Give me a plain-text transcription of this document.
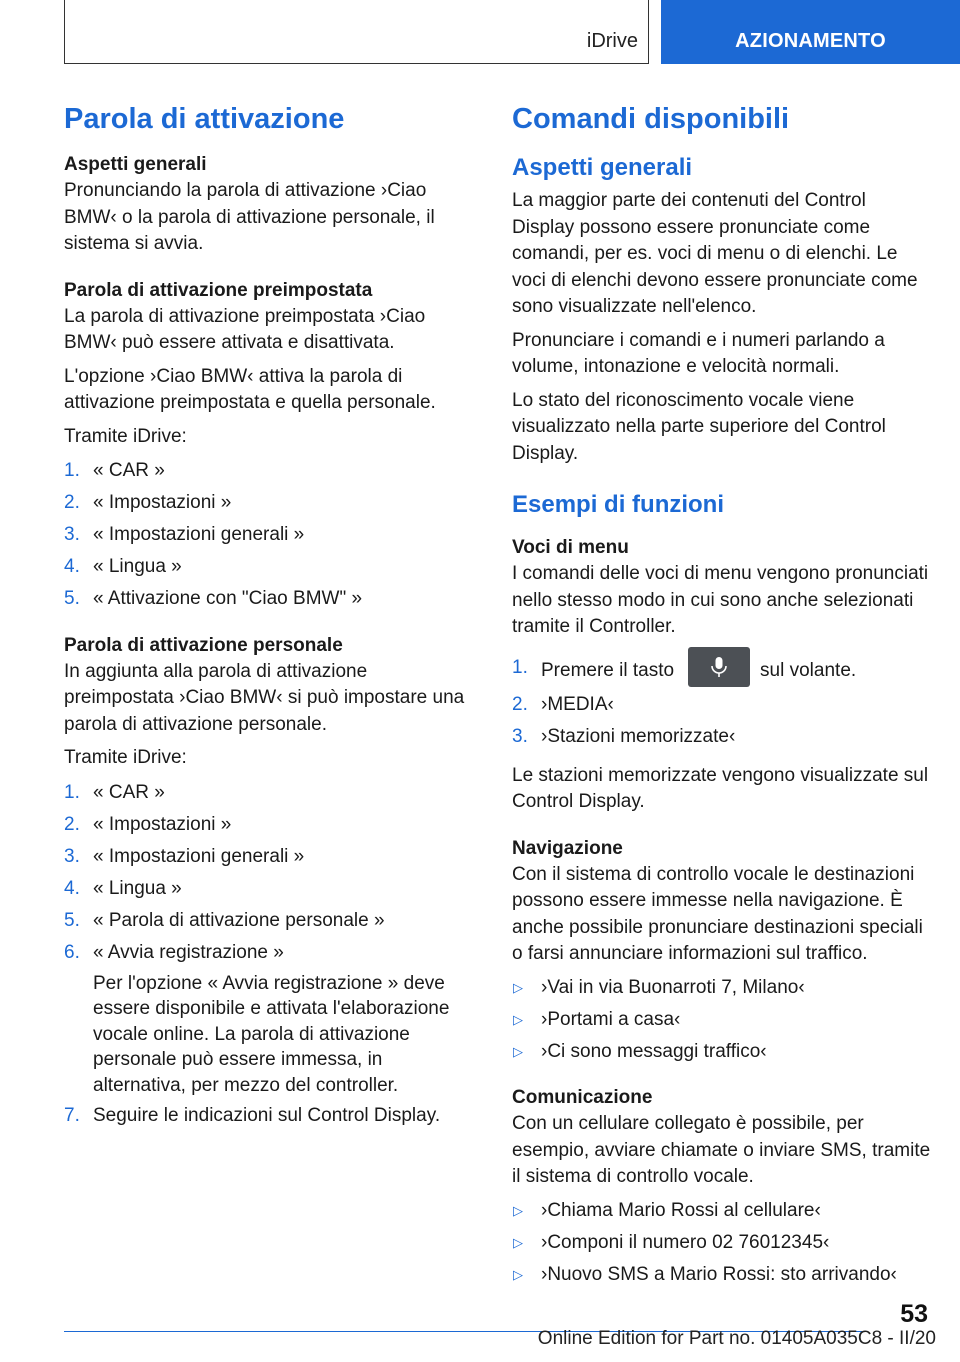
iDrive	AZIONAMENTO
Parola di attivazione
Aspetti generali
Pronunciando la parola di attivazione ›Ciao BMW‹ o la parola di attivazione personale, il sistema si avvia.
Parola di attivazione preimpostata
La parola di attivazione preimpostata ›Ciao BMW‹ può essere attivata e disattivata.
L'opzione ›Ciao BMW‹ attiva la parola di attivazione preimpostata e quella personale.
Tramite iDrive:
1. « CAR »
2. « Impostazioni »
3. « Impostazioni generali »
4. « Lingua »
5. « Attivazione con "Ciao BMW" »
Parola di attivazione personale
In aggiunta alla parola di attivazione preimpostata ›Ciao BMW‹ si può impostare una parola di attivazione personale.
Tramite iDrive:
1. « CAR »
2. « Impostazioni »
3. « Impostazioni generali »
4. « Lingua »
5. « Parola di attivazione personale »
6. « Avvia registrazione »
Per l'opzione « Avvia registrazione » deve essere disponibile e attivata l'elaborazione vocale online. La parola di attivazione personale può essere immessa, in alternativa, per mezzo del controller.
7. Seguire le indicazioni sul Control Display.
Comandi disponibili
Aspetti generali
La maggior parte dei contenuti del Control Display possono essere pronunciate come comandi, per es. voci di menu o di elenchi. Le voci di elenchi devono essere pronunciate come sono visualizzate nell'elenco.
Pronunciare i comandi e i numeri parlando a volume, intonazione e velocità normali.
Lo stato del riconoscimento vocale viene visualizzato nella parte superiore del Control Display.
Esempi di funzioni
Voci di menu
I comandi delle voci di menu vengono pronunciati nello stesso modo in cui sono anche selezionati tramite il Controller.
1. Premere il tasto	sul volante.
2. ›MEDIA‹
3. ›Stazioni memorizzate‹
Le stazioni memorizzate vengono visualizzate sul Control Display.
Navigazione
Con il sistema di controllo vocale le destinazioni possono essere immesse nella navigazione. È anche possibile pronunciare destinazioni speciali o farsi annunciare informazioni sul traffico.
▷ ›Vai in via Buonarroti 7, Milano‹
▷ ›Portami a casa‹
▷ ›Ci sono messaggi traffico‹
Comunicazione
Con un cellulare collegato è possibile, per esempio, avviare chiamate o inviare SMS, tramite il sistema di controllo vocale.
▷ ›Chiama Mario Rossi al cellulare‹
▷ ›Componi il numero 02 76012345‹
▷ ›Nuovo SMS a Mario Rossi: sto arrivando‹
53
Online Edition for Part no. 01405A035C8 - II/20
